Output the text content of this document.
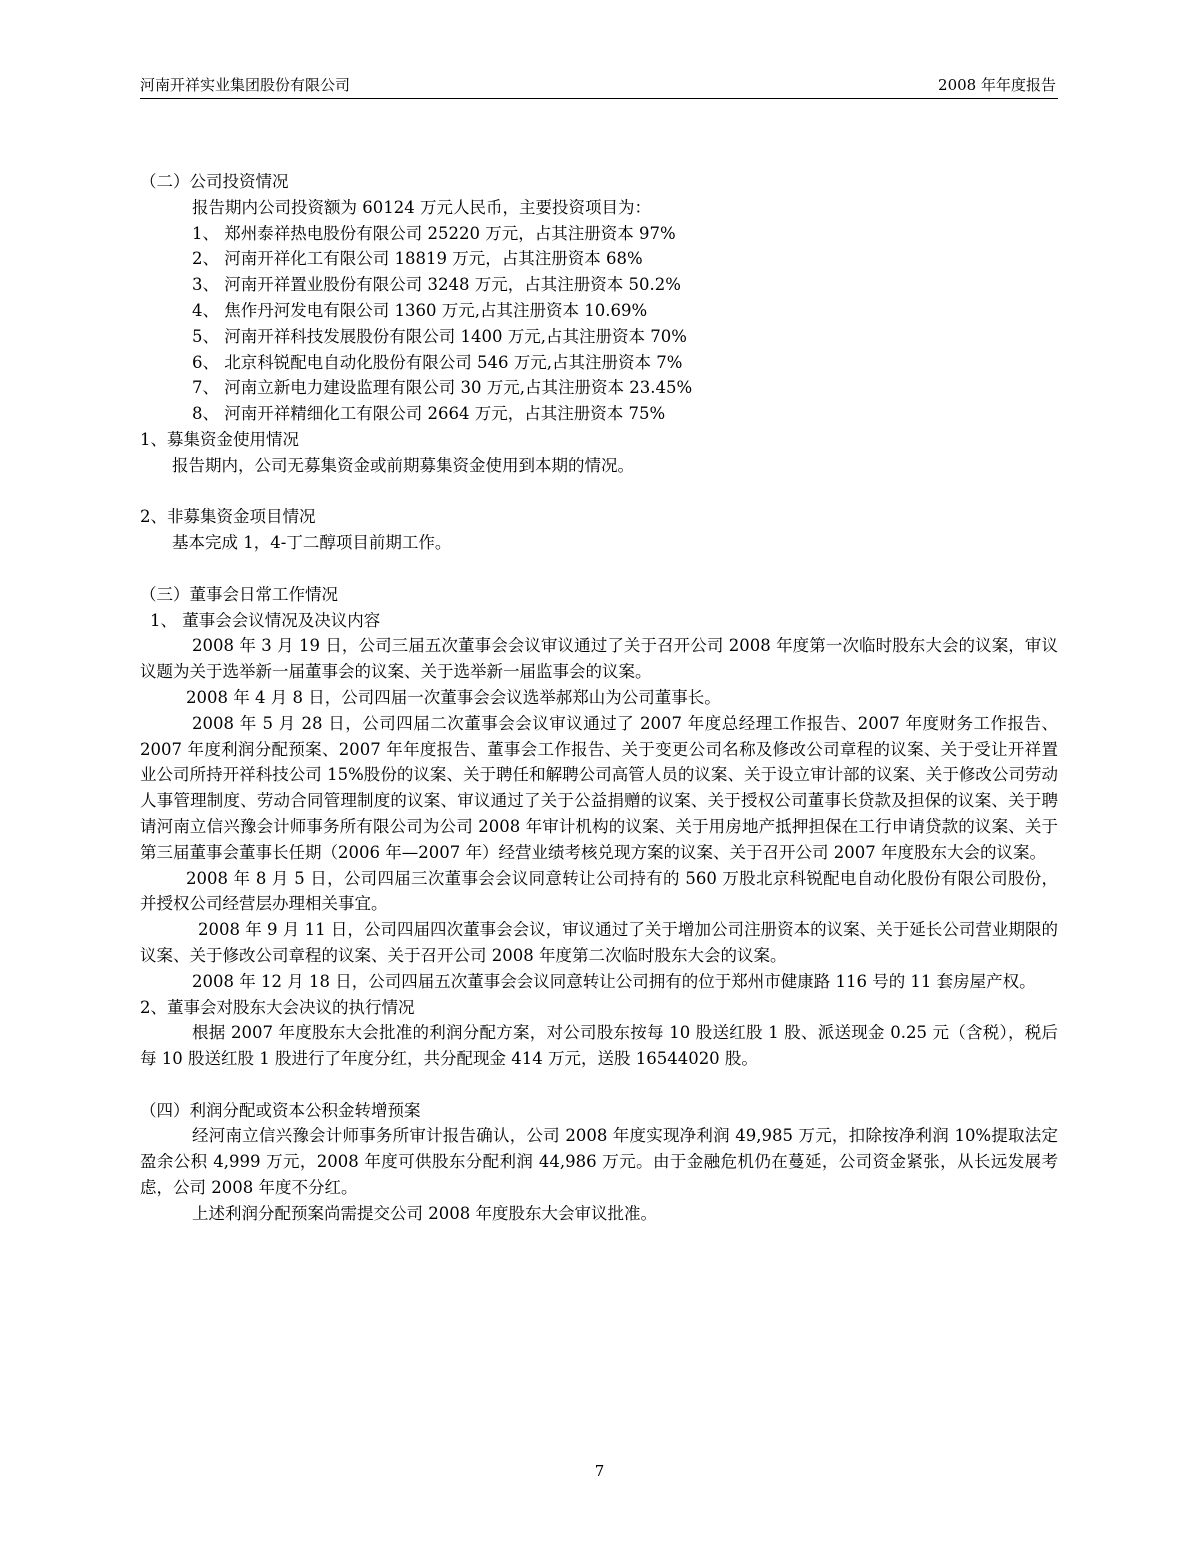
河南开祥实业集团股份有限公司	2008 年年度报告

（二）公司投资情况

报告期内公司投资额为 60124 万元人民币，主要投资项目为：

1、 郑州泰祥热电股份有限公司 25220 万元，占其注册资本 97%

2、 河南开祥化工有限公司 18819 万元，占其注册资本 68%

3、 河南开祥置业股份有限公司 3248 万元，占其注册资本 50.2%

4、 焦作丹河发电有限公司 1360 万元,占其注册资本 10.69%

5、 河南开祥科技发展股份有限公司 1400 万元,占其注册资本 70%

6、 北京科锐配电自动化股份有限公司 546 万元,占其注册资本 7%

7、 河南立新电力建设监理有限公司 30 万元,占其注册资本 23.45%

8、 河南开祥精细化工有限公司 2664 万元，占其注册资本 75%

1、募集资金使用情况

报告期内，公司无募集资金或前期募集资金使用到本期的情况。

2、非募集资金项目情况

基本完成 1，4-丁二醇项目前期工作。

（三）董事会日常工作情况

1、 董事会会议情况及决议内容

2008 年 3 月 19 日，公司三届五次董事会会议审议通过了关于召开公司 2008 年度第一次临时股东大会的议案，审议议题为关于选举新一届董事会的议案、关于选举新一届监事会的议案。

2008 年 4 月 8 日，公司四届一次董事会会议选举郝郑山为公司董事长。

2008 年 5 月 28 日，公司四届二次董事会会议审议通过了 2007 年度总经理工作报告、2007 年度财务工作报告、2007 年度利润分配预案、2007 年年度报告、董事会工作报告、关于变更公司名称及修改公司章程的议案、关于受让开祥置业公司所持开祥科技公司 15%股份的议案、关于聘任和解聘公司高管人员的议案、关于设立审计部的议案、关于修改公司劳动人事管理制度、劳动合同管理制度的议案、审议通过了关于公益捐赠的议案、关于授权公司董事长贷款及担保的议案、关于聘请河南立信兴豫会计师事务所有限公司为公司 2008 年审计机构的议案、关于用房地产抵押担保在工行申请贷款的议案、关于第三届董事会董事长任期（2006 年—2007 年）经营业绩考核兑现方案的议案、关于召开公司 2007 年度股东大会的议案。

2008 年 8 月 5 日，公司四届三次董事会会议同意转让公司持有的 560 万股北京科锐配电自动化股份有限公司股份，并授权公司经营层办理相关事宜。

2008 年 9 月 11 日，公司四届四次董事会会议，审议通过了关于增加公司注册资本的议案、关于延长公司营业期限的议案、关于修改公司章程的议案、关于召开公司 2008 年度第二次临时股东大会的议案。

2008 年 12 月 18 日，公司四届五次董事会会议同意转让公司拥有的位于郑州市健康路 116 号的 11 套房屋产权。

2、董事会对股东大会决议的执行情况

根据 2007 年度股东大会批准的利润分配方案，对公司股东按每 10 股送红股 1 股、派送现金 0.25 元（含税），税后每 10 股送红股 1 股进行了年度分红，共分配现金 414 万元，送股 16544020 股。

（四）利润分配或资本公积金转增预案

经河南立信兴豫会计师事务所审计报告确认，公司 2008 年度实现净利润 49,985 万元，扣除按净利润 10%提取法定盈余公积 4,999 万元，2008 年度可供股东分配利润 44,986 万元。由于金融危机仍在蔓延，公司资金紧张，从长远发展考虑，公司 2008 年度不分红。

上述利润分配预案尚需提交公司 2008 年度股东大会审议批准。

7
